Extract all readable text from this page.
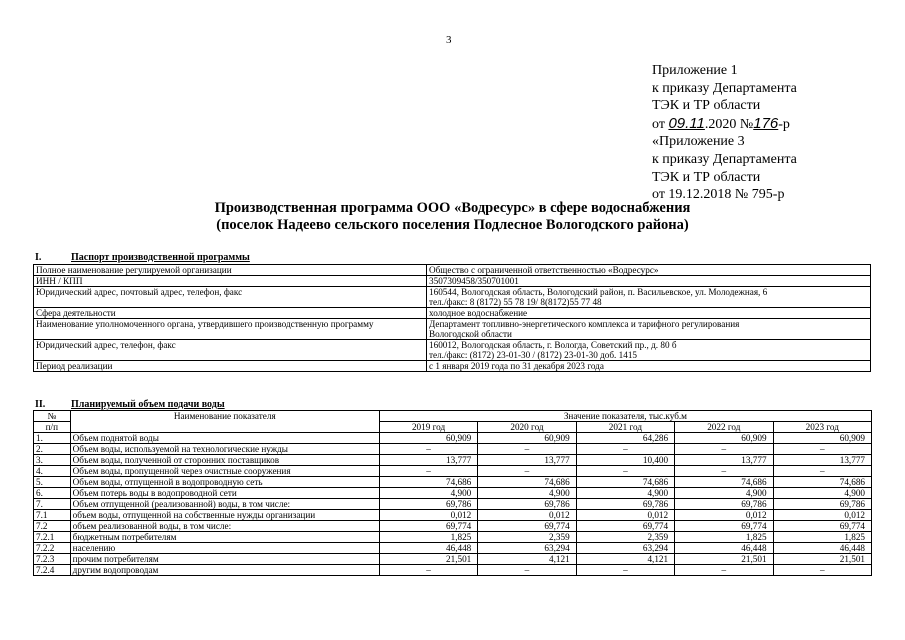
3
Приложение 1
к приказу Департамента
ТЭК и ТР области
от 09.11.2020 №176-р
«Приложение 3
к приказу Департамента
ТЭК и ТР области
от 19.12.2018 № 795-р
Производственная программа ООО «Водресурс» в сфере водоснабжения
(поселок Надеево сельского поселения Подлесное Вологодского района)
I.	Паспорт производственной программы
Полное наименование регулируемой организации	Общество с ограниченной ответственностью «Водресурс»

ИНН / КПП	3507309458/350701001

Юридический адрес, почтовый адрес, телефон, факс	160544, Вологодская область, Вологодский район, п. Васильевское, ул. Молодежная, 6
тел./факс: 8 (8172) 55 78 19/ 8(8172)55 77 48

Сфера деятельности	холодное водоснабжение

Наименование уполномоченного органа, утвердившего производственную программу	Департамент топливно-энергетического комплекса и тарифного регулирования
Вологодской области

Юридический адрес, телефон, факс	160012, Вологодская область, г. Вологда, Советский пр., д. 80 б
тел./факс: (8172) 23-01-30 / (8172) 23-01-30 доб. 1415

Период реализации	с 1 января 2019 года по 31 декабря 2023 года
II.	Планируемый объем подачи воды
№	Наименование показателя	Значение показателя, тыс.куб.м				
п/п		2019 год	2020 год	2021 год	2022 год	2023 год
1.	Объем поднятой воды	60,909	60,909	64,286	60,909	60,909
2.	Объем воды, используемой на технологические нужды	–	–	–	–	–
3.	Объем воды, полученной от сторонних поставщиков	13,777	13,777	10,400	13,777	13,777
4.	Объем воды, пропущенной через очистные сооружения	–	–	–	–	–
5.	Объем воды, отпущенной в водопроводную сеть	74,686	74,686	74,686	74,686	74,686
6.	Объем потерь воды в водопроводной сети	4,900	4,900	4,900	4,900	4,900
7.	Объем отпущенной (реализованной) воды, в том числе:	69,786	69,786	69,786	69,786	69,786
7.1	объем воды, отпущенной на собственные нужды организации	0,012	0,012	0,012	0,012	0,012
7.2	объем реализованной воды, в том числе:	69,774	69,774	69,774	69,774	69,774
7.2.1	бюджетным потребителям	1,825	2,359	2,359	1,825	1,825
7.2.2	населению	46,448	63,294	63,294	46,448	46,448
7.2.3	прочим потребителям	21,501	4,121	4,121	21,501	21,501
7.2.4	другим водопроводам	–	–	–	–	–
